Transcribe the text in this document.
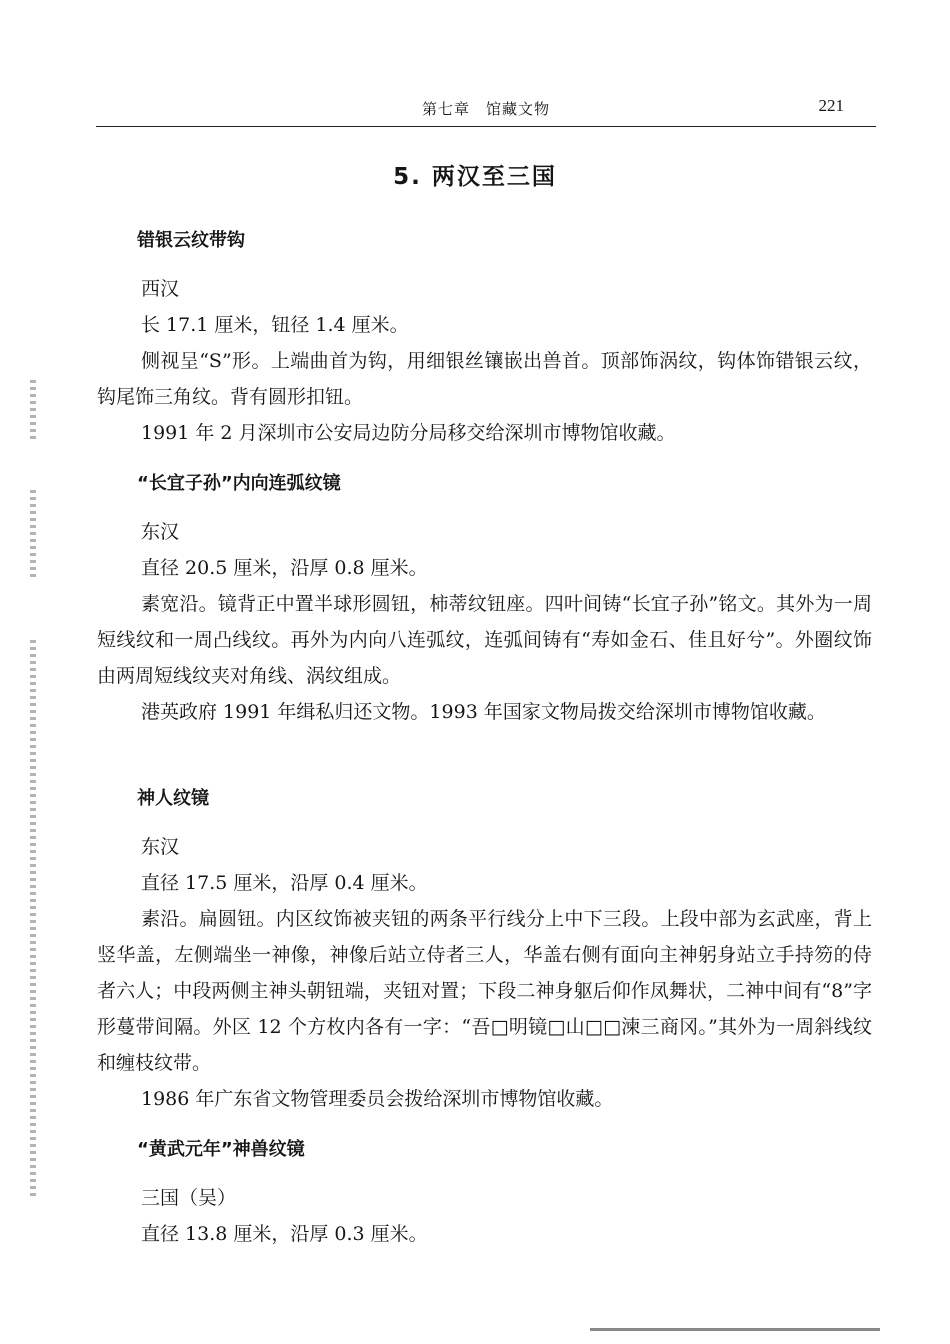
第七章　馆藏文物	221
5. 两汉至三国
错银云纹带钩

西汉

长 17.1 厘米，钮径 1.4 厘米。

侧视呈“S”形。上端曲首为钩，用细银丝镶嵌出兽首。顶部饰涡纹，钩体饰错银云纹，钩尾饰三角纹。背有圆形扣钮。

1991 年 2 月深圳市公安局边防分局移交给深圳市博物馆收藏。

“长宜子孙”内向连弧纹镜

东汉

直径 20.5 厘米，沿厚 0.8 厘米。

素宽沿。镜背正中置半球形圆钮，柿蒂纹钮座。四叶间铸“长宜子孙”铭文。其外为一周短线纹和一周凸线纹。再外为内向八连弧纹，连弧间铸有“寿如金石、佳且好兮”。外圈纹饰由两周短线纹夹对角线、涡纹组成。

港英政府 1991 年缉私归还文物。1993 年国家文物局拨交给深圳市博物馆收藏。

神人纹镜

东汉

直径 17.5 厘米，沿厚 0.4 厘米。

素沿。扁圆钮。内区纹饰被夹钮的两条平行线分上中下三段。上段中部为玄武座，背上竖华盖，左侧端坐一神像，神像后站立侍者三人，华盖右侧有面向主神躬身站立手持笏的侍者六人；中段两侧主神头朝钮端，夹钮对置；下段二神身躯后仰作凤舞状，二神中间有“8”字形蔓带间隔。外区 12 个方枚内各有一字：“吾□明镜□山□□湅三商冈。”其外为一周斜线纹和缠枝纹带。

1986 年广东省文物管理委员会拨给深圳市博物馆收藏。

“黄武元年”神兽纹镜

三国（吴）

直径 13.8 厘米，沿厚 0.3 厘米。
